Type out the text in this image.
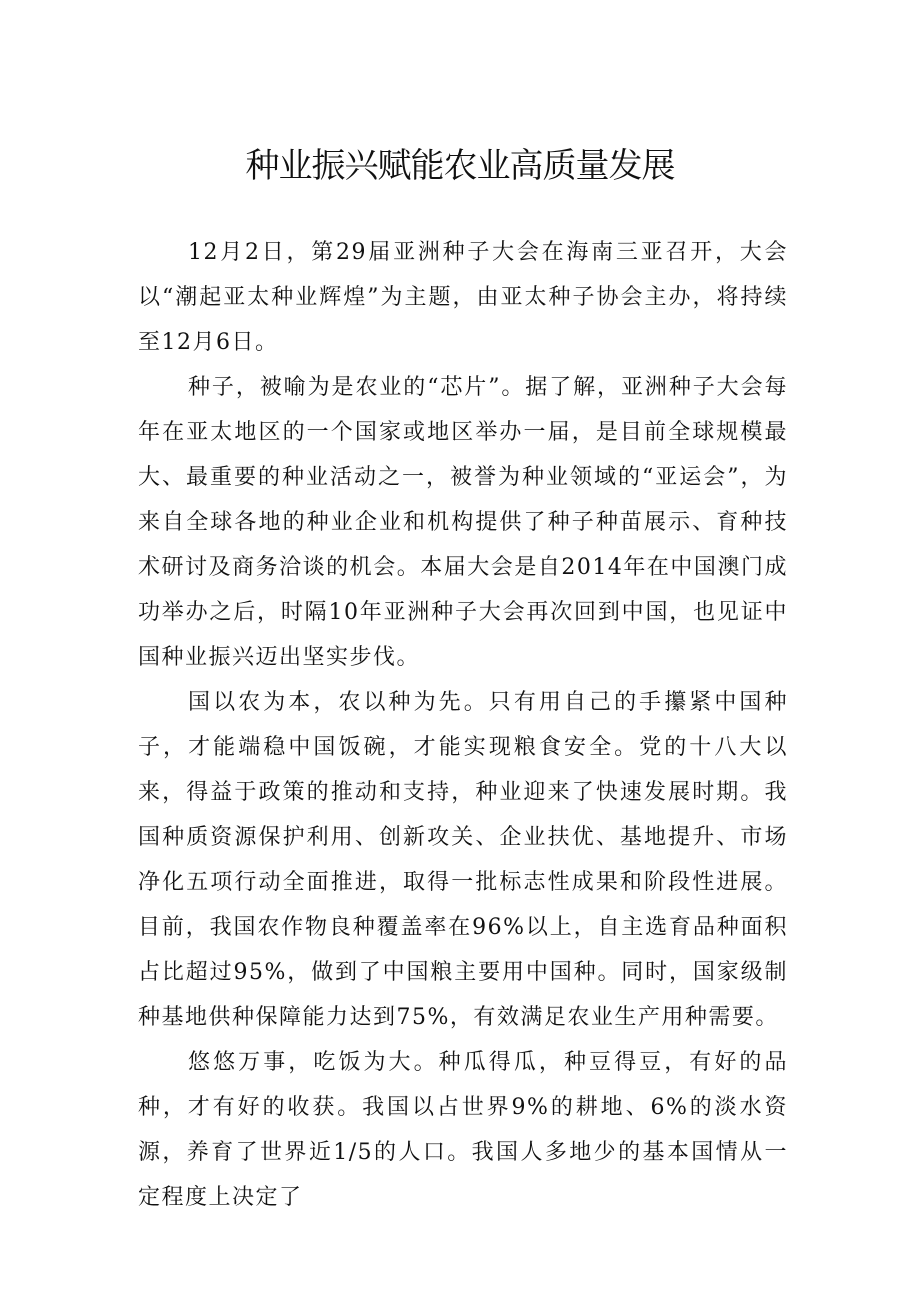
种业振兴赋能农业高质量发展

12月2日，第29届亚洲种子大会在海南三亚召开，大会以“潮起亚太种业辉煌”为主题，由亚太种子协会主办，将持续至12月6日。

种子，被喻为是农业的“芯片”。据了解，亚洲种子大会每年在亚太地区的一个国家或地区举办一届，是目前全球规模最大、最重要的种业活动之一，被誉为种业领域的“亚运会”，为来自全球各地的种业企业和机构提供了种子种苗展示、育种技术研讨及商务洽谈的机会。本届大会是自2014年在中国澳门成功举办之后，时隔10年亚洲种子大会再次回到中国，也见证中国种业振兴迈出坚实步伐。

国以农为本，农以种为先。只有用自己的手攥紧中国种子，才能端稳中国饭碗，才能实现粮食安全。党的十八大以来，得益于政策的推动和支持，种业迎来了快速发展时期。我国种质资源保护利用、创新攻关、企业扶优、基地提升、市场净化五项行动全面推进，取得一批标志性成果和阶段性进展。目前，我国农作物良种覆盖率在96%以上，自主选育品种面积占比超过95%，做到了中国粮主要用中国种。同时，国家级制种基地供种保障能力达到75%，有效满足农业生产用种需要。

悠悠万事，吃饭为大。种瓜得瓜，种豆得豆，有好的品种，才有好的收获。我国以占世界9%的耕地、6%的淡水资源，养育了世界近1/5的人口。我国人多地少的基本国情从一定程度上决定了
